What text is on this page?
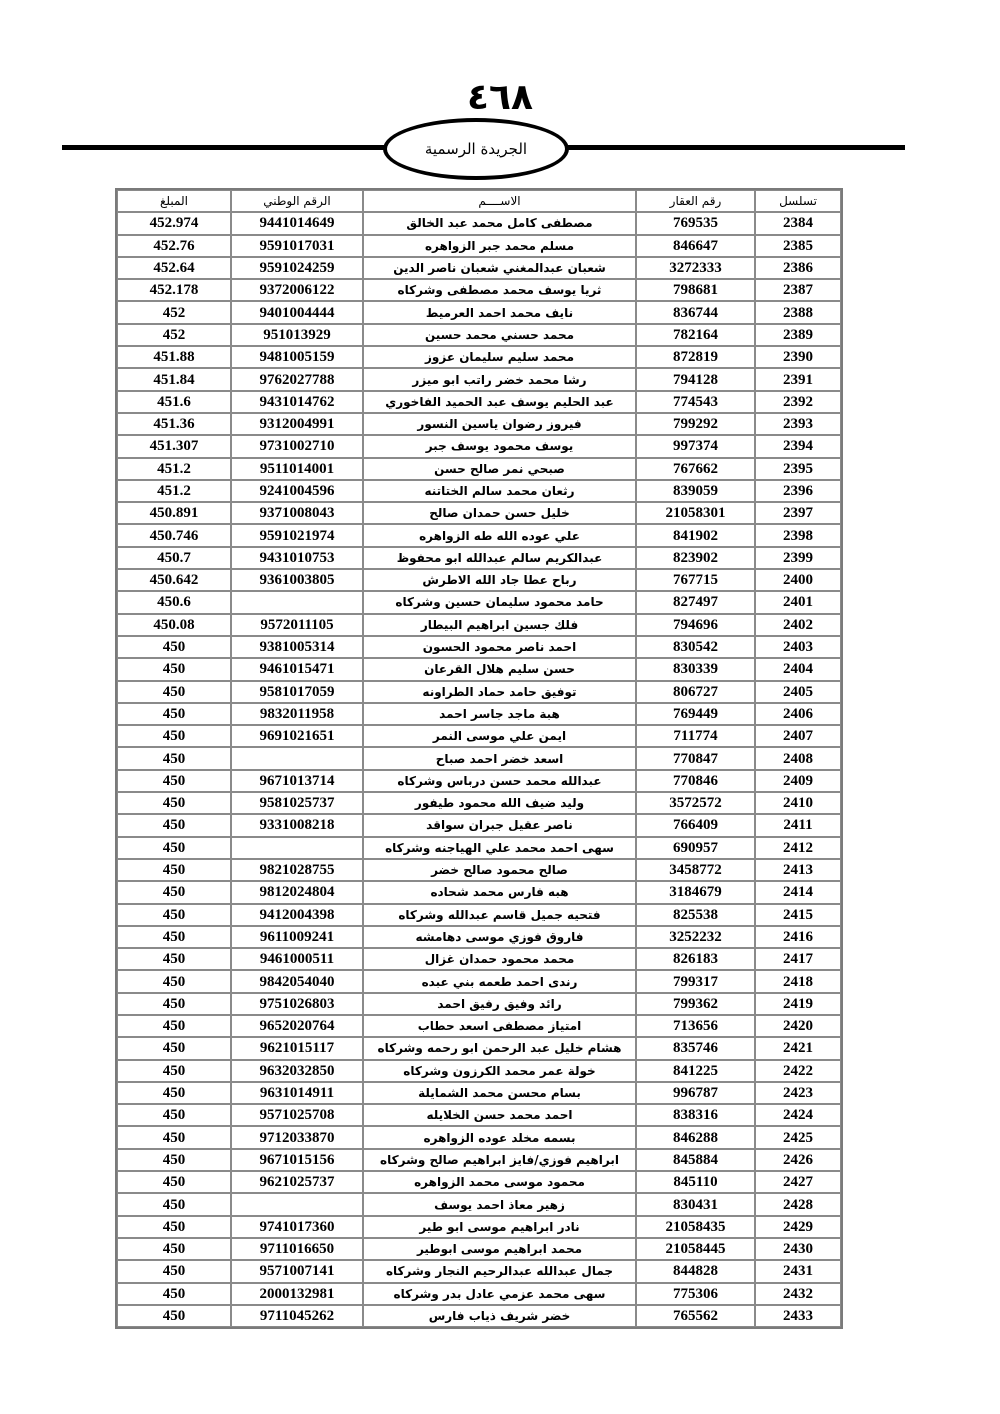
٤٦٨
الجريدة الرسمية
تسلسل	رقم العقار	الاســــم	الرقم الوطني	المبلغ
2384	769535	مصطفى كامل محمد عبد الخالق	9441014649	452.974
2385	846647	مسلم محمد جبر الزواهره	9591017031	452.76
2386	3272333	شعبان عبدالمغني شعبان ناصر الدين	9591024259	452.64
2387	798681	ثريا يوسف محمد مصطفى وشركاه	9372006122	452.178
2388	836744	نايف محمد احمد العرميط	9401004444	452
2389	782164	محمد حسني محمد حسين	951013929	452
2390	872819	محمد سليم سليمان عزوز	9481005159	451.88
2391	794128	رشا محمد خضر راتب ابو ميزر	9762027788	451.84
2392	774543	عبد الحليم يوسف عبد الحميد الفاخوري	9431014762	451.6
2393	799292	فيروز رضوان ياسين النسور	9312004991	451.36
2394	997374	يوسف محمود يوسف جبر	9731002710	451.307
2395	767662	صبحي نمر صالح حسن	9511014001	451.2
2396	839059	رثعان محمد سالم الختاتنه	9241004596	451.2
2397	21058301	خليل حسن حمدان صالح	9371008043	450.891
2398	841902	علي عوده الله طه الزواهره	9591021974	450.746
2399	823902	عبدالكريم سالم عبدالله ابو محفوظ	9431010753	450.7
2400	767715	رباح عطا جاد الله الاطرش	9361003805	450.642
2401	827497	حامد محمود سليمان حسين وشركاه		450.6
2402	794696	فلك جسين ابراهيم البيطار	9572011105	450.08
2403	830542	احمد ناصر محمود الحسون	9381005314	450
2404	830339	حسن سليم هلال القرعان	9461015471	450
2405	806727	توفيق حامد حماد الطراونه	9581017059	450
2406	769449	هبة ماجد جاسر احمد	9832011958	450
2407	711774	ايمن علي موسى النمر	9691021651	450
2408	770847	اسعد خضر احمد صباح		450
2409	770846	عبدالله محمد حسن درباس وشركاه	9671013714	450
2410	3572572	وليد ضيف الله محمود طيفور	9581025737	450
2411	766409	ناصر عقيل جبران سواقد	9331008218	450
2412	690957	سهى احمد محمد علي الهياجنه وشركاه		450
2413	3458772	صالح محمود صالح خضر	9821028755	450
2414	3184679	هبه فارس محمد شحاده	9812024804	450
2415	825538	فتحيه جميل قاسم عبدالله وشركاه	9412004398	450
2416	3252232	فاروق فوزي موسى دهامشه	9611009241	450
2417	826183	محمد محمود حمدان غزال	9461000511	450
2418	799317	رندى احمد طعمه بني عبده	9842054040	450
2419	799362	رائد وفيق رفيق احمد	9751026803	450
2420	713656	امتياز مصطفى اسعد حطاب	9652020764	450
2421	835746	هشام خليل عبد الرحمن ابو رحمه وشركاه	9621015117	450
2422	841225	خولة عمر محمد الكرزون وشركاه	9632032850	450
2423	996787	بسام محسن محمد الشمايلة	9631014911	450
2424	838316	احمد محمد حسن الخلايله	9571025708	450
2425	846288	بسمه مخلد عوده الزواهره	9712033870	450
2426	845884	ابراهيم فوزي/فايز ابراهيم صالح وشركاه	9671015156	450
2427	845110	محمود موسى محمد الزواهره	9621025737	450
2428	830431	زهير معاذ احمد يوسف		450
2429	21058435	نادر ابراهيم موسى ابو طير	9741017360	450
2430	21058445	محمد ابراهيم موسى ابوطير	9711016650	450
2431	844828	جمال عبدالله عبدالرحيم النجار وشركاه	9571007141	450
2432	775306	سهى محمد عزمي عادل بدر وشركاه	2000132981	450
2433	765562	خضر شريف ذياب فارس	9711045262	450
